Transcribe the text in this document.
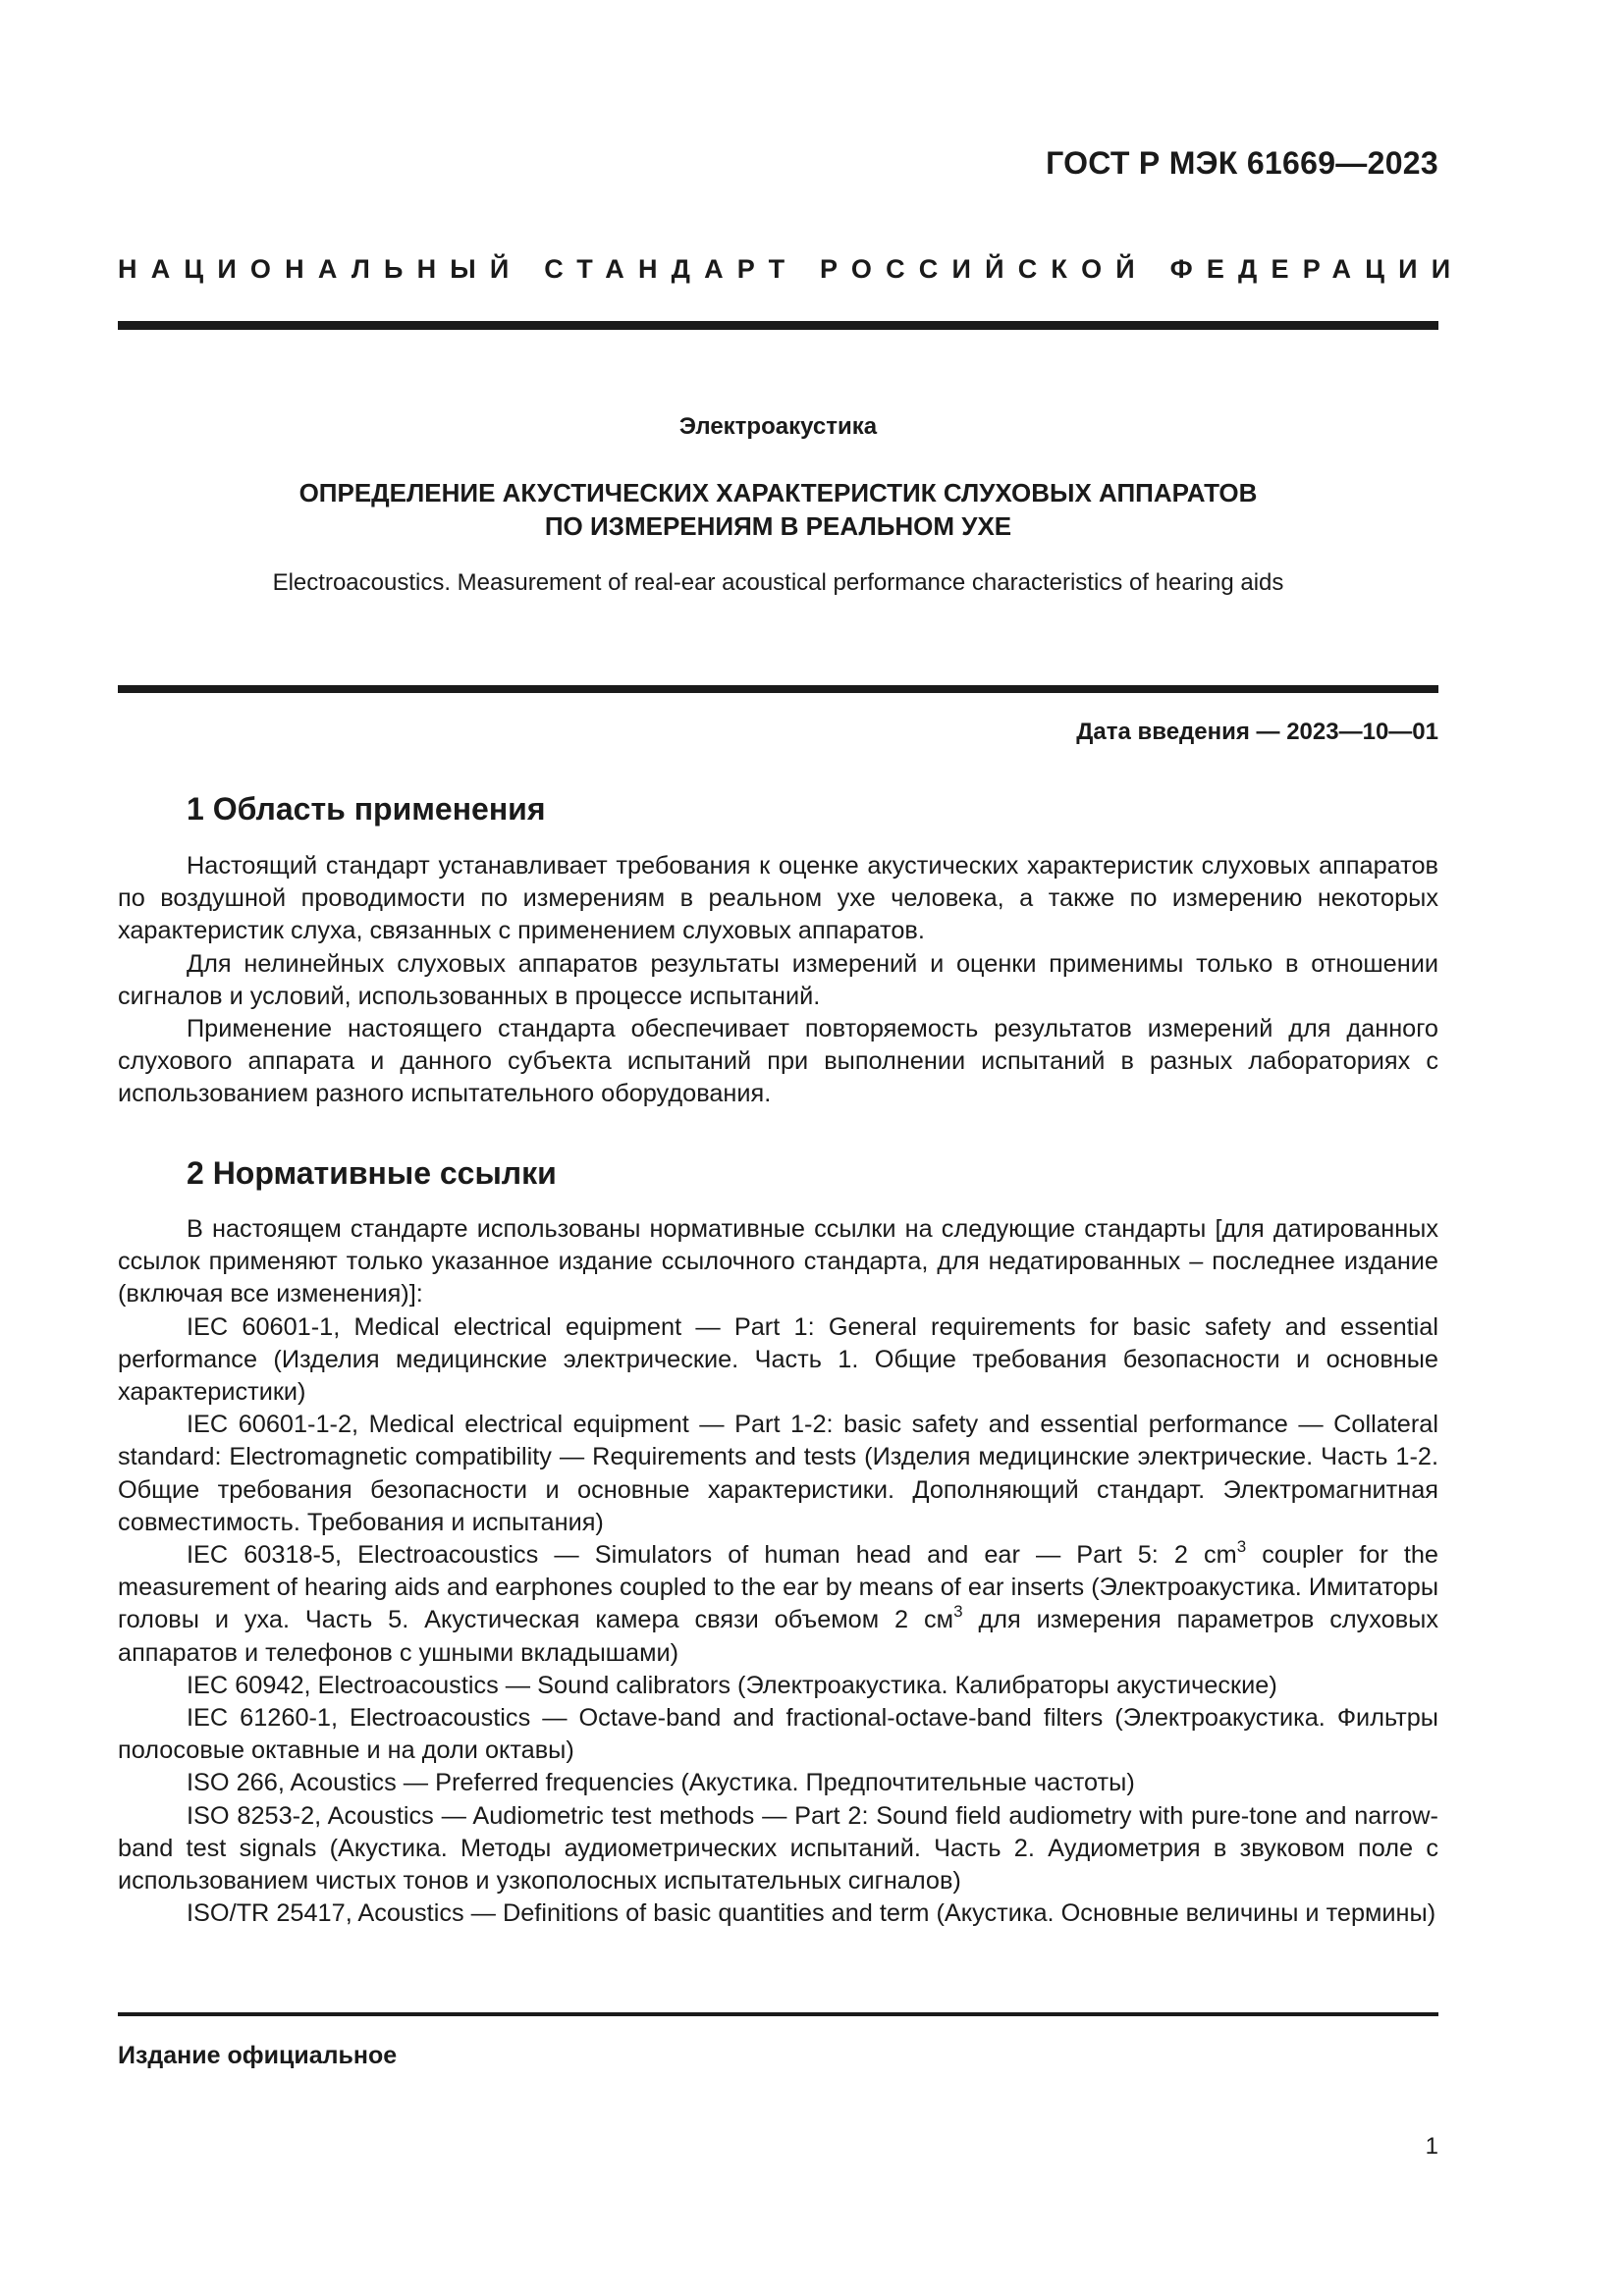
ГОСТ Р МЭК 61669—2023
НАЦИОНАЛЬНЫЙ СТАНДАРТ РОССИЙСКОЙ ФЕДЕРАЦИИ
Электроакустика
ОПРЕДЕЛЕНИЕ АКУСТИЧЕСКИХ ХАРАКТЕРИСТИК СЛУХОВЫХ АППАРАТОВ
ПО ИЗМЕРЕНИЯМ В РЕАЛЬНОМ УХЕ
Electroacoustics. Measurement of real-ear acoustical performance characteristics of hearing aids
Дата введения — 2023—10—01
1 Область применения

Настоящий стандарт устанавливает требования к оценке акустических характеристик слуховых аппаратов по воздушной проводимости по измерениям в реальном ухе человека, а также по измерению некоторых характеристик слуха, связанных с применением слуховых аппаратов.

Для нелинейных слуховых аппаратов результаты измерений и оценки применимы только в отношении сигналов и условий, использованных в процессе испытаний.

Применение настоящего стандарта обеспечивает повторяемость результатов измерений для данного слухового аппарата и данного субъекта испытаний при выполнении испытаний в разных лабораториях с использованием разного испытательного оборудования.

2 Нормативные ссылки

В настоящем стандарте использованы нормативные ссылки на следующие стандарты [для датированных ссылок применяют только указанное издание ссылочного стандарта, для недатированных – последнее издание (включая все изменения)]:

IEC 60601-1, Medical electrical equipment — Part 1: General requirements for basic safety and essential performance (Изделия медицинские электрические. Часть 1. Общие требования безопасности и основные характеристики)

IEC 60601-1-2, Medical electrical equipment — Part 1-2: basic safety and essential performance — Collateral standard: Electromagnetic compatibility — Requirements and tests (Изделия медицинские электрические. Часть 1-2. Общие требования безопасности и основные характеристики. Дополняющий стандарт. Электромагнитная совместимость. Требования и испытания)

IEC 60318-5, Electroacoustics — Simulators of human head and ear — Part 5: 2 $cm^3$ coupler for the measurement of hearing aids and earphones coupled to the ear by means of ear inserts (Электроакустика. Имитаторы головы и уха. Часть 5. Акустическая камера связи объемом 2 $см^3$ для измерения параметров слуховых аппаратов и телефонов с ушными вкладышами)

IEC 60942, Electroacoustics — Sound calibrators (Электроакустика. Калибраторы акустические)

IEC 61260-1, Electroacoustics — Octave-band and fractional-octave-band filters (Электроакустика. Фильтры полосовые октавные и на доли октавы)

ISO 266, Acoustics — Preferred frequencies (Акустика. Предпочтительные частоты)

ISO 8253-2, Acoustics — Audiometric test methods — Part 2: Sound field audiometry with pure-tone and narrow-band test signals (Акустика. Методы аудиометрических испытаний. Часть 2. Аудиометрия в звуковом поле с использованием чистых тонов и узкополосных испытательных сигналов)

ISO/TR 25417, Acoustics — Definitions of basic quantities and term (Акустика. Основные величины и термины)

Издание официальное
1
